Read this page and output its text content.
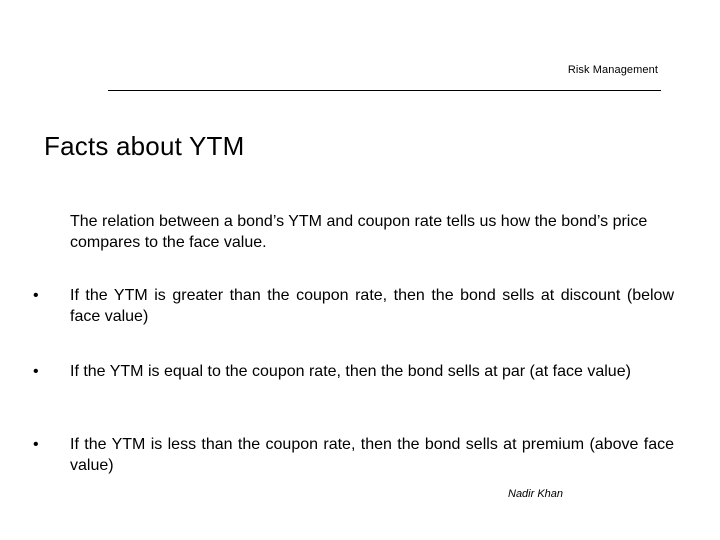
Risk Management
Facts about YTM

The relation between a bond’s YTM and coupon rate tells us how the bond’s price compares to the face value.

• If the YTM is greater than the coupon rate, then the bond sells at discount (below face value)
• If the YTM is equal to the coupon rate, then the bond sells at par (at face value)
• If the YTM is less than the coupon rate, then the bond sells at premium (above face value)
Nadir Khan
